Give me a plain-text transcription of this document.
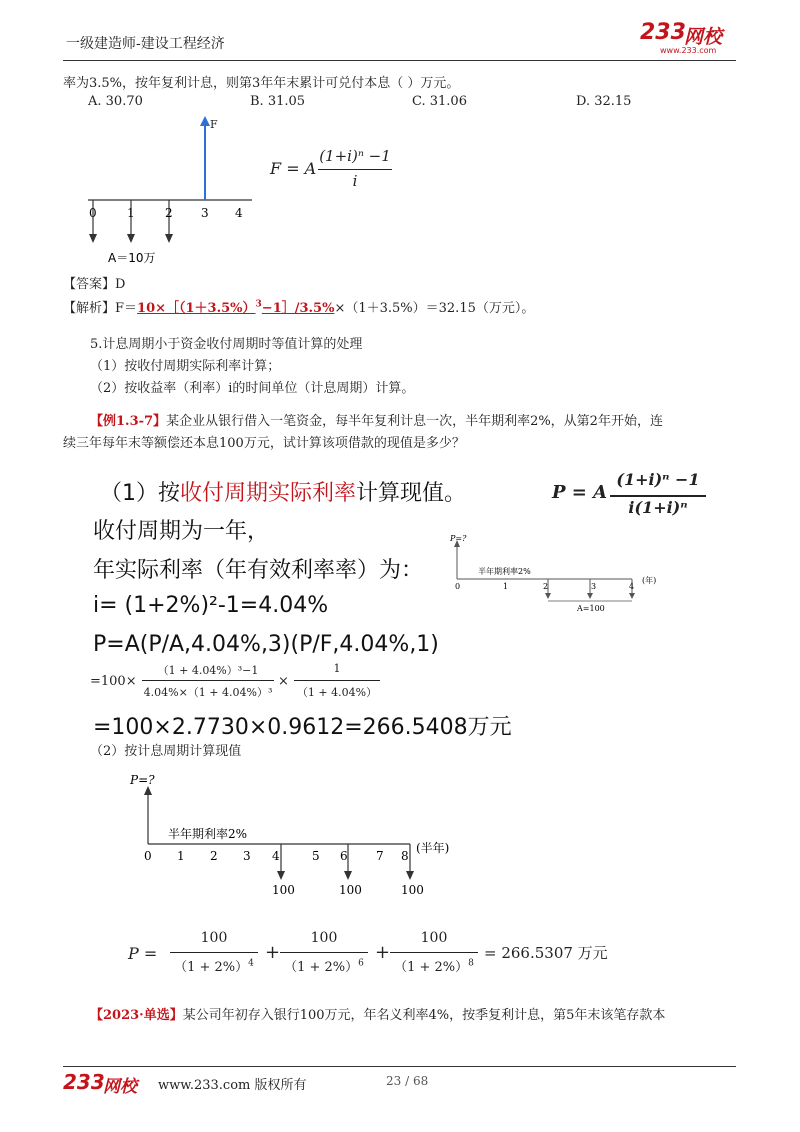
一级建造师-建设工程经济	233
网校
www.233.com
率为3.5%，按年复利计息，则第3年年末累计可兑付本息（ ）万元。
A. 30.70	B. 31.05	C. 31.06	D. 32.15
F
0	1	2 3 4
A＝10万
F = A
(1+i)ⁿ −1
i
【答案】D
【解析】$F=10\times[(1+3.5\%)^3-1]/3.5\%\times(1+3.5\%)=32.15$（万元）。
5.计息周期小于资金收付周期时等值计算的处理
（1）按收付周期实际利率计算；
（2）按收益率（利率）i的时间单位（计息周期）计算。
【例1.3-7】某企业从银行借入一笔资金，每半年复利计息一次，半年期利率2%，从第2年开始，连
续三年每年末等额偿还本息100万元，试计算该项借款的现值是多少？
（1）按收付周期实际利率计算现值。
收付周期为一年，
年实际利率（年有效利率率）为：
i= (1+2%)²-1=4.04%
P=A(P/A,4.04%,3)(P/F,4.04%,1)
=100×
（1 + 4.04%）³−1
4.04%×（1 + 4.04%）³
×
1
（1 + 4.04%）
=100×2.7730×0.9612=266.5408万元
P = A
(1+i)ⁿ −1
i(1+i)ⁿ
P=?
半年期利率2%
0	1	2	3	4
(年)
A=100
（2）按计息周期计算现值
P=?
半年期利率2%
0 1 2 3 4	5 6 7 8
(半年)
100	100	100
P =
100
$(1 + 2\%)^4$
+
100
$(1 + 2\%)^6$
+
100
$(1 + 2\%)^8$
= 266.5307 万元
【2023·单选】某公司年初存入银行100万元，年名义利率4%，按季复利计息，第5年末该笔存款本
233
网校 www.233.com 版权所有	23 / 68
